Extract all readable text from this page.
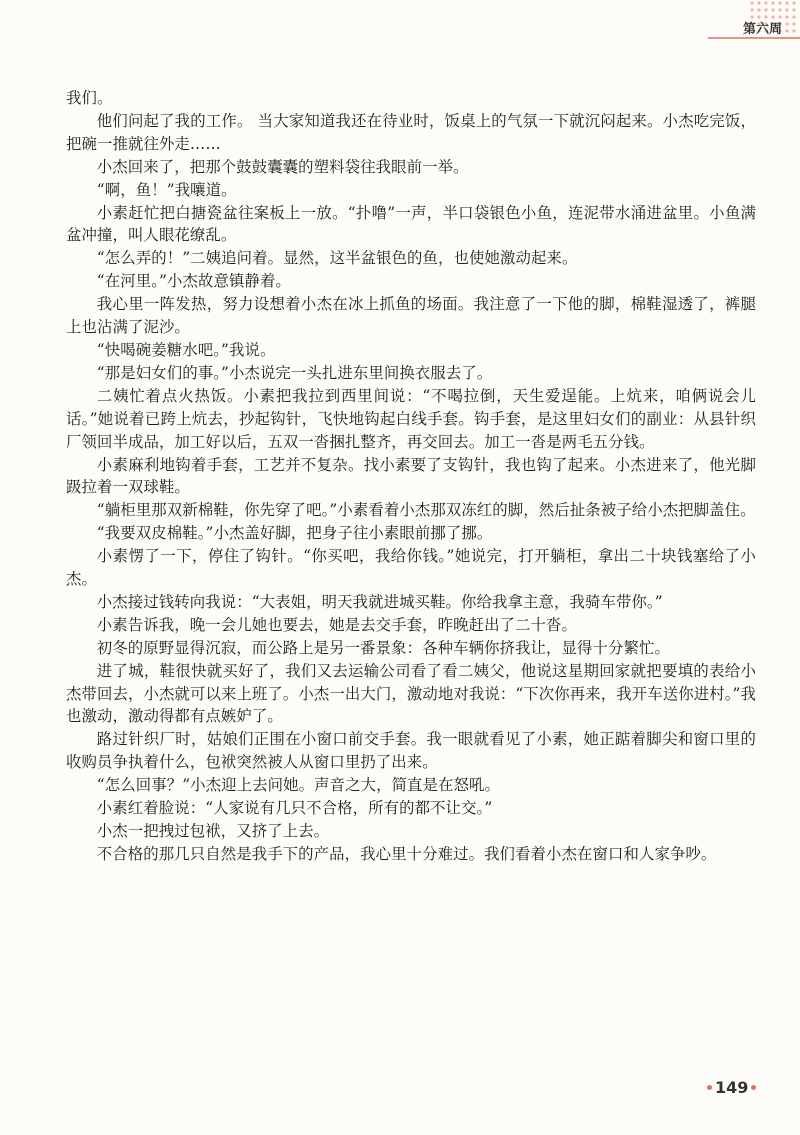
第六周

我们。

他们问起了我的工作。 当大家知道我还在待业时，饭桌上的气氛一下就沉闷起来。小杰吃完饭，把碗一推就往外走……

小杰回来了，把那个鼓鼓囊囊的塑料袋往我眼前一举。

“啊，鱼！”我嚷道。

小素赶忙把白搪瓷盆往案板上一放。“扑噜”一声，半口袋银色小鱼，连泥带水涌进盆里。小鱼满盆冲撞，叫人眼花缭乱。

“怎么弄的！”二姨追问着。显然，这半盆银色的鱼，也使她激动起来。

“在河里。”小杰故意镇静着。

我心里一阵发热，努力设想着小杰在冰上抓鱼的场面。我注意了一下他的脚，棉鞋湿透了，裤腿上也沾满了泥沙。

“快喝碗姜糖水吧。”我说。

“那是妇女们的事。”小杰说完一头扎进东里间换衣服去了。

二姨忙着点火热饭。小素把我拉到西里间说：“不喝拉倒，天生爱逞能。上炕来，咱俩说会儿话。”她说着已跨上炕去，抄起钩针，飞快地钩起白线手套。钩手套，是这里妇女们的副业：从县针织厂领回半成品，加工好以后，五双一沓捆扎整齐，再交回去。加工一沓是两毛五分钱。

小素麻利地钩着手套，工艺并不复杂。找小素要了支钩针，我也钩了起来。小杰进来了，他光脚趿拉着一双球鞋。

“躺柜里那双新棉鞋，你先穿了吧。”小素看着小杰那双冻红的脚，然后扯条被子给小杰把脚盖住。

“我要双皮棉鞋。”小杰盖好脚，把身子往小素眼前挪了挪。

小素愣了一下，停住了钩针。“你买吧，我给你钱。”她说完，打开躺柜，拿出二十块钱塞给了小杰。

小杰接过钱转向我说：“大表姐，明天我就进城买鞋。你给我拿主意，我骑车带你。”

小素告诉我，晚一会儿她也要去，她是去交手套，昨晚赶出了二十沓。

初冬的原野显得沉寂，而公路上是另一番景象：各种车辆你挤我让，显得十分繁忙。

进了城，鞋很快就买好了，我们又去运输公司看了看二姨父，他说这星期回家就把要填的表给小杰带回去，小杰就可以来上班了。小杰一出大门，激动地对我说：“下次你再来，我开车送你进村。”我也激动，激动得都有点嫉妒了。

路过针织厂时，姑娘们正围在小窗口前交手套。我一眼就看见了小素，她正踮着脚尖和窗口里的收购员争执着什么，包袱突然被人从窗口里扔了出来。

“怎么回事？”小杰迎上去问她。声音之大，简直是在怒吼。

小素红着脸说：“人家说有几只不合格，所有的都不让交。”

小杰一把拽过包袱，又挤了上去。

不合格的那几只自然是我手下的产品，我心里十分难过。我们看着小杰在窗口和人家争吵。

149
